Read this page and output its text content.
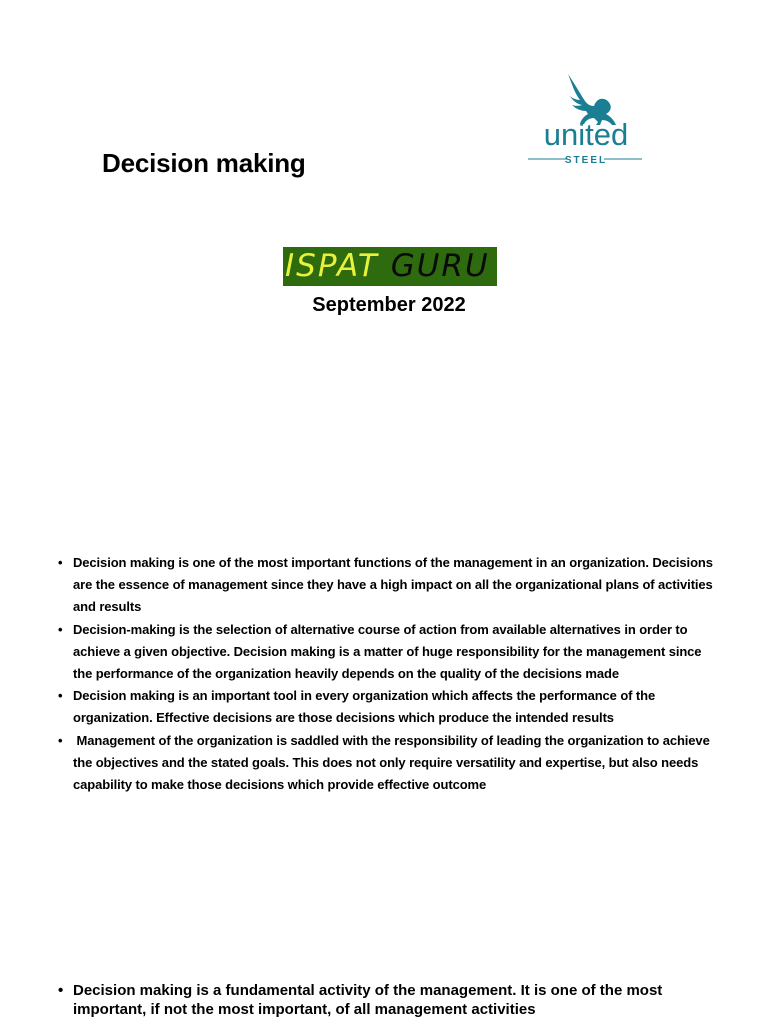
Decision making
united
STEEL
ISPAT GURU
September 2022
• Decision making is one of the most important functions of the management in an organization. Decisions are the essence of management since they have a high impact on all the organizational plans of activities and results
• Decision-making is the selection of alternative course of action from available alternatives in order to achieve a given objective. Decision making is a matter of huge responsibility for the management since the performance of the organization heavily depends on the quality of the decisions made
• Decision making is an important tool in every organization which affects the performance of the organization. Effective decisions are those decisions which produce the intended results
• Management of the organization is saddled with the responsibility of leading the organization to achieve the objectives and the stated goals. This does not only require versatility and expertise, but also needs capability to make those decisions which provide effective outcome
• Decision making is a fundamental activity of the management. It is one of the most important, if not the most important, of all management activities
